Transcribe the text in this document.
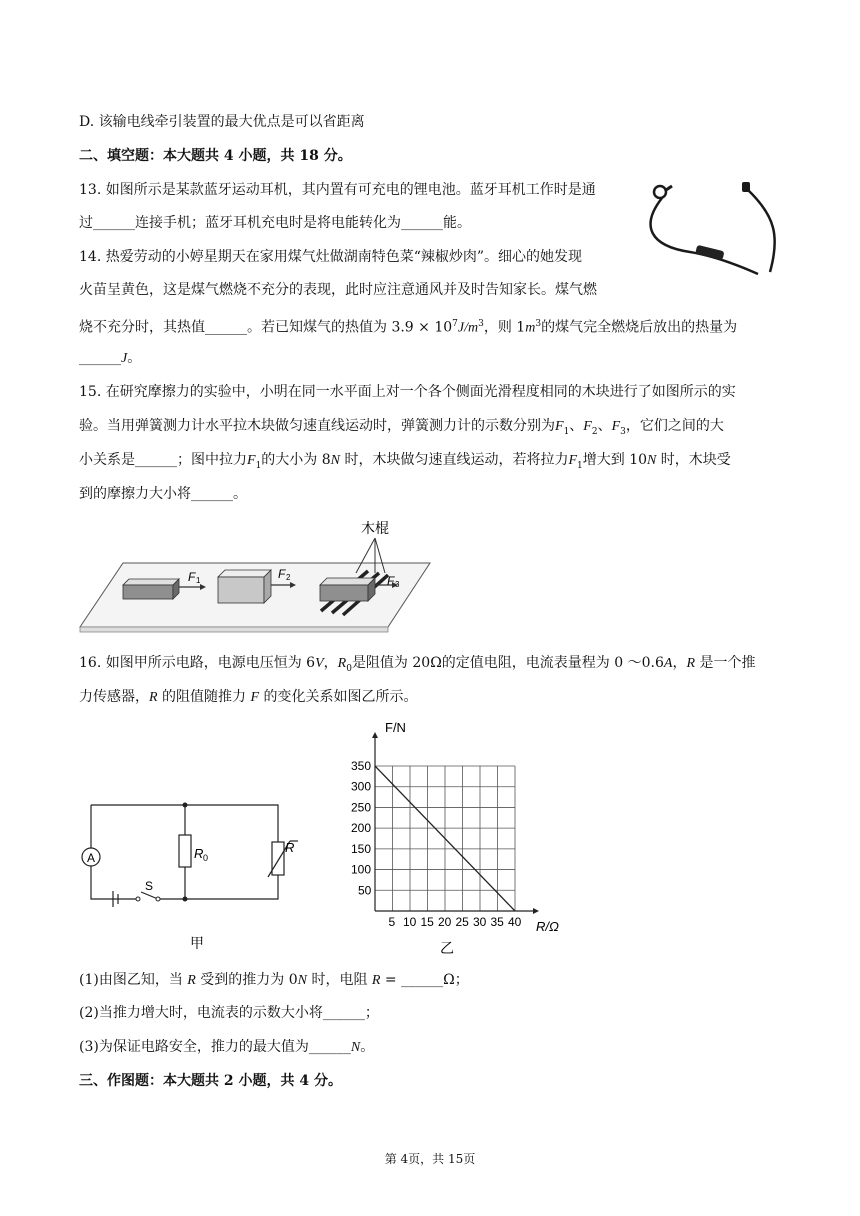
D. 该输电线牵引装置的最大优点是可以省距离
二、填空题：本大题共 4 小题，共 18 分。
13. 如图所示是某款蓝牙运动耳机，其内置有可充电的锂电池。蓝牙耳机工作时是通
过______连接手机；蓝牙耳机充电时是将电能转化为______能。
14. 热爱劳动的小婷星期天在家用煤气灶做湖南特色菜“辣椒炒肉”。细心的她发现
火苗呈黄色，这是煤气燃烧不充分的表现，此时应注意通风并及时告知家长。煤气燃
烧不充分时，其热值______。若已知煤气的热值为 $3.9 \times 10^7J/m^3$，则 $1m^3$的煤气完全燃烧后放出的热量为
______J。
15. 在研究摩擦力的实验中，小明在同一水平面上对一个各个侧面光滑程度相同的木块进行了如图所示的实
验。当用弹簧测力计水平拉木块做匀速直线运动时，弹簧测力计的示数分别为$F_1$、$F_2$、$F_3$，它们之间的大
小关系是______；图中拉力$F_1$的大小为 8N 时，木块做匀速直线运动，若将拉力$F_1$增大到 10N 时，木块受
到的摩擦力大小将______。
16. 如图甲所示电路，电源电压恒为 6V，$R_0$是阻值为 20Ω的定值电阻，电流表量程为 0 ～0.6A，R 是一个推
力传感器，R 的阻值随推力 F 的变化关系如图乙所示。
(1)由图乙知，当 R 受到的推力为 0N 时，电阻 R = ______Ω；
(2)当推力增大时，电流表的示数大小将______；
(3)为保证电路安全，推力的最大值为______N。
三、作图题：本大题共 2 小题，共 4 分。
F 1	F 2	F 3
木棍
A
S
R 0
R
甲
5 10 15 20 25 30 35 40
50
100
150
200
250
300
350
F/N
R/Ω
乙
第 4页，共 15页
